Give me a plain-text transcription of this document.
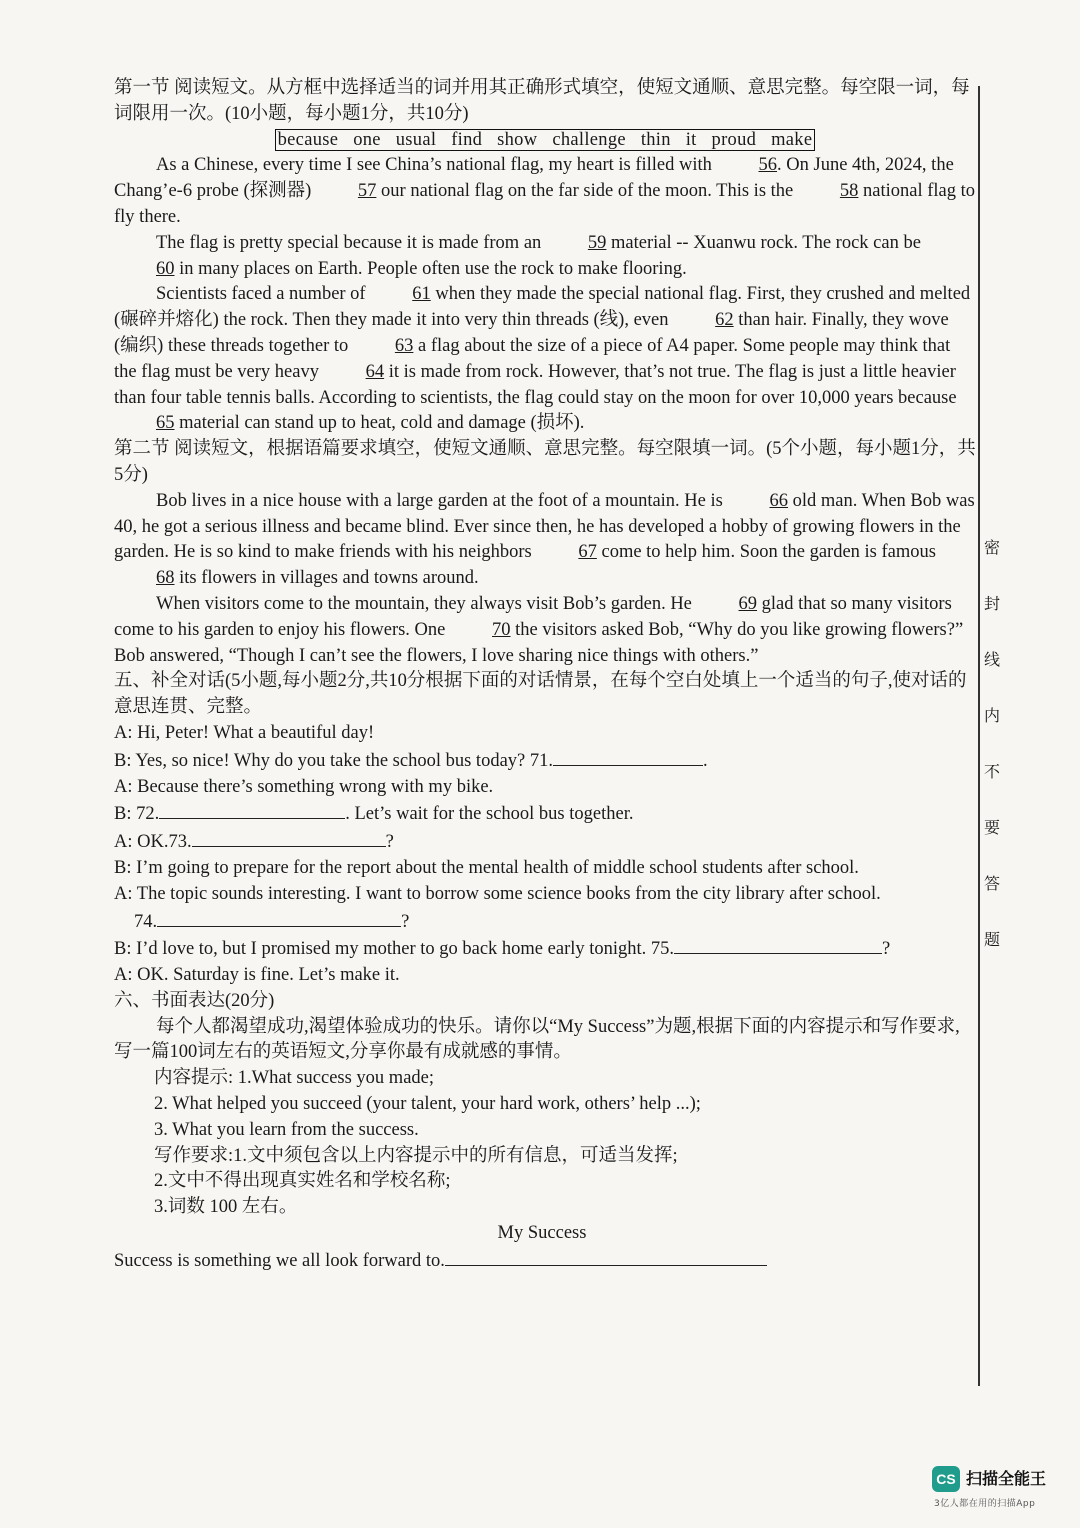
第一节 阅读短文。从方框中选择适当的词并用其正确形式填空，使短文通顺、意思完整。每空限一词，每词限用一次。(10小题，每小题1分，共10分)

because one usual find show challenge thin it proud make

As a Chinese, every time I see China’s national flag, my heart is filled with 56. On June 4th, 2024, the Chang’e-6 probe (探测器) 57 our national flag on the far side of the moon. This is the 58 national flag to fly there.

The flag is pretty special because it is made from an 59 material -- Xuanwu rock. The rock can be 60 in many places on Earth. People often use the rock to make flooring.

Scientists faced a number of 61 when they made the special national flag. First, they crushed and melted (碾碎并熔化) the rock. Then they made it into very thin threads (线), even 62 than hair. Finally, they wove (编织) these threads together to 63 a flag about the size of a piece of A4 paper. Some people may think that the flag must be very heavy 64 it is made from rock. However, that’s not true. The flag is just a little heavier than four table tennis balls. According to scientists, the flag could stay on the moon for over 10,000 years because 65 material can stand up to heat, cold and damage (损坏).

第二节 阅读短文，根据语篇要求填空，使短文通顺、意思完整。每空限填一词。(5个小题，每小题1分，共5分)

Bob lives in a nice house with a large garden at the foot of a mountain. He is 66 old man. When Bob was 40, he got a serious illness and became blind. Ever since then, he has developed a hobby of growing flowers in the garden. He is so kind to make friends with his neighbors 67 come to help him. Soon the garden is famous 68 its flowers in villages and towns around.

When visitors come to the mountain, they always visit Bob’s garden. He 69 glad that so many visitors come to his garden to enjoy his flowers. One 70 the visitors asked Bob, “Why do you like growing flowers?” Bob answered, “Though I can’t see the flowers, I love sharing nice things with others.”

五、补全对话(5小题,每小题2分,共10分根据下面的对话情景，在每个空白处填上一个适当的句子,使对话的意思连贯、完整。

A: Hi, Peter! What a beautiful day!

B: Yes, so nice! Why do you take the school bus today? 71.	.

A: Because there’s something wrong with my bike.

B: 72.	. Let’s wait for the school bus together.

A: OK.73.	?

B: I’m going to prepare for the report about the mental health of middle school students after school.

A: The topic sounds interesting. I want to borrow some science books from the city library after school.

74.	?

B: I’d love to, but I promised my mother to go back home early tonight. 75.	?

A: OK. Saturday is fine. Let’s make it.

六、书面表达(20分)

每个人都渴望成功,渴望体验成功的快乐。请你以“My Success”为题,根据下面的内容提示和写作要求,写一篇100词左右的英语短文,分享你最有成就感的事情。

内容提示: 1.What success you made;

2. What helped you succeed (your talent, your hard work, others’ help ...);

3. What you learn from the success.

写作要求:1.文中须包含以上内容提示中的所有信息，可适当发挥;

2.文中不得出现真实姓名和学校名称;

3.词数 100 左右。

My Success

Success is something we all look forward to.

密
封
线
内
不
要
答
题
CS 扫描全能王
3亿人都在用的扫描App
